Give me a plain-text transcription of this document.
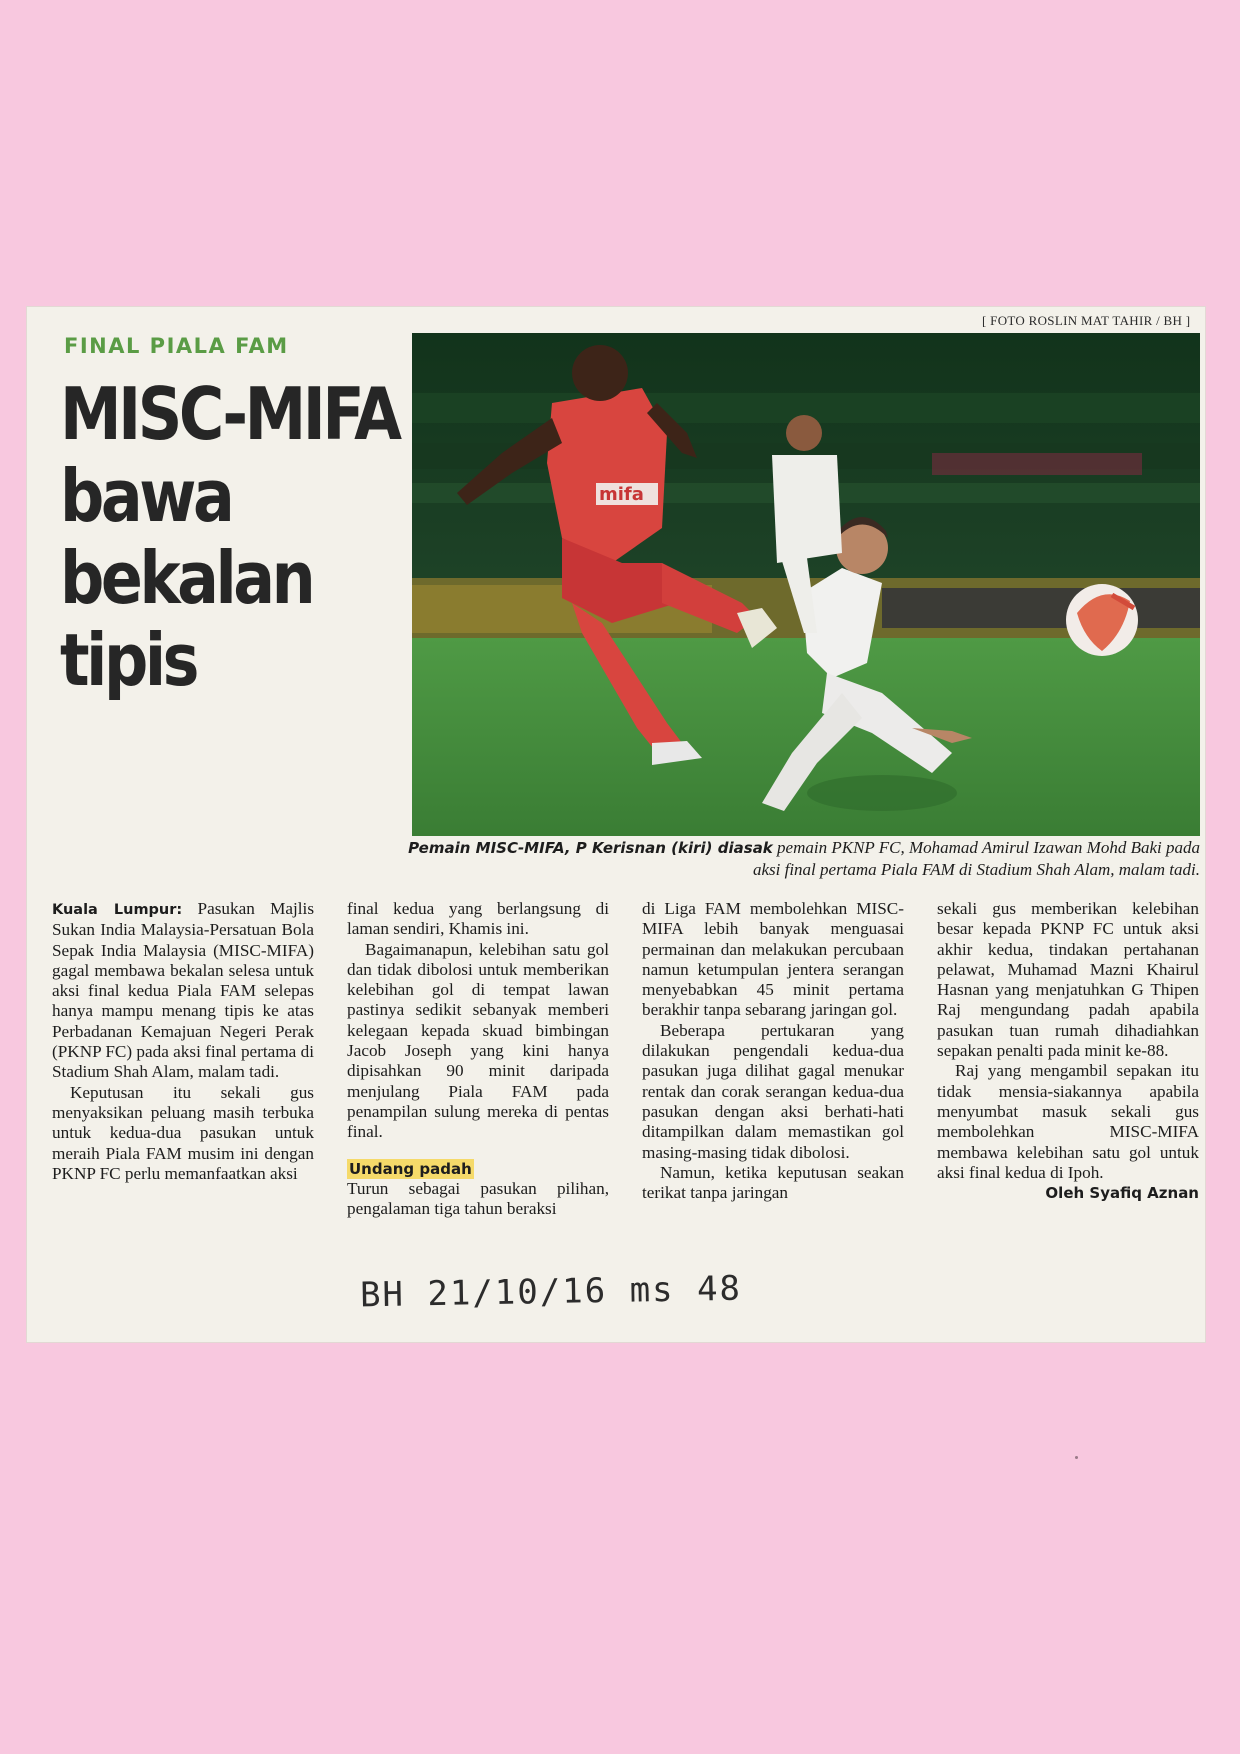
[ FOTO ROSLIN MAT TAHIR / BH ]
FINAL PIALA FAM
MISC-MIFA
bawa
bekalan
tipis
mifa
Pemain MISC-MIFA, P Kerisnan (kiri) diasak pemain PKNP FC, Mohamad Amirul Izawan Mohd Baki pada aksi final pertama Piala FAM di Stadium Shah Alam, malam tadi.

Kuala Lumpur: Pasukan Majlis Sukan India Malaysia-Persatuan Bola Sepak India Malaysia (MISC-MIFA) gagal membawa bekalan selesa untuk aksi final kedua Piala FAM selepas hanya mampu menang tipis ke atas Perbadanan Kemajuan Negeri Perak (PKNP FC) pada aksi final pertama di Stadium Shah Alam, malam tadi.

Keputusan itu sekali gus menyaksikan peluang masih terbuka untuk kedua-dua pasukan untuk meraih Piala FAM musim ini dengan PKNP FC perlu memanfaatkan aksi

final kedua yang berlangsung di laman sendiri, Khamis ini.

Bagaimanapun, kelebihan satu gol dan tidak dibolosi untuk memberikan kelebihan gol di tempat lawan pastinya sedikit sebanyak memberi kelegaan kepada skuad bimbingan Jacob Joseph yang kini hanya dipisahkan 90 minit daripada menjulang Piala FAM pada penampilan sulung mereka di pentas final.

Undang padah

Turun sebagai pasukan pilihan, pengalaman tiga tahun beraksi

di Liga FAM membolehkan MISC-MIFA lebih banyak menguasai permainan dan melakukan percubaan namun ketumpulan jentera serangan menyebabkan 45 minit pertama berakhir tanpa sebarang jaringan gol.

Beberapa pertukaran yang dilakukan pengendali kedua-dua pasukan juga dilihat gagal menukar rentak dan corak serangan kedua-dua pasukan dengan aksi berhati-hati ditampilkan dalam memastikan gol masing-masing tidak dibolosi.

Namun, ketika keputusan seakan terikat tanpa jaringan

sekali gus memberikan kelebihan besar kepada PKNP FC untuk aksi akhir kedua, tindakan pertahanan pelawat, Muhamad Mazni Khairul Hasnan yang menjatuhkan G Thipen Raj mengundang padah apabila pasukan tuan rumah dihadiahkan sepakan penalti pada minit ke-88.

Raj yang mengambil sepakan itu tidak mensia-siakannya apabila menyumbat masuk sekali gus membolehkan MISC-MIFA membawa kelebihan satu gol untuk aksi final kedua di Ipoh.

Oleh Syafiq Aznan
BH 21/10/16 ms 48
